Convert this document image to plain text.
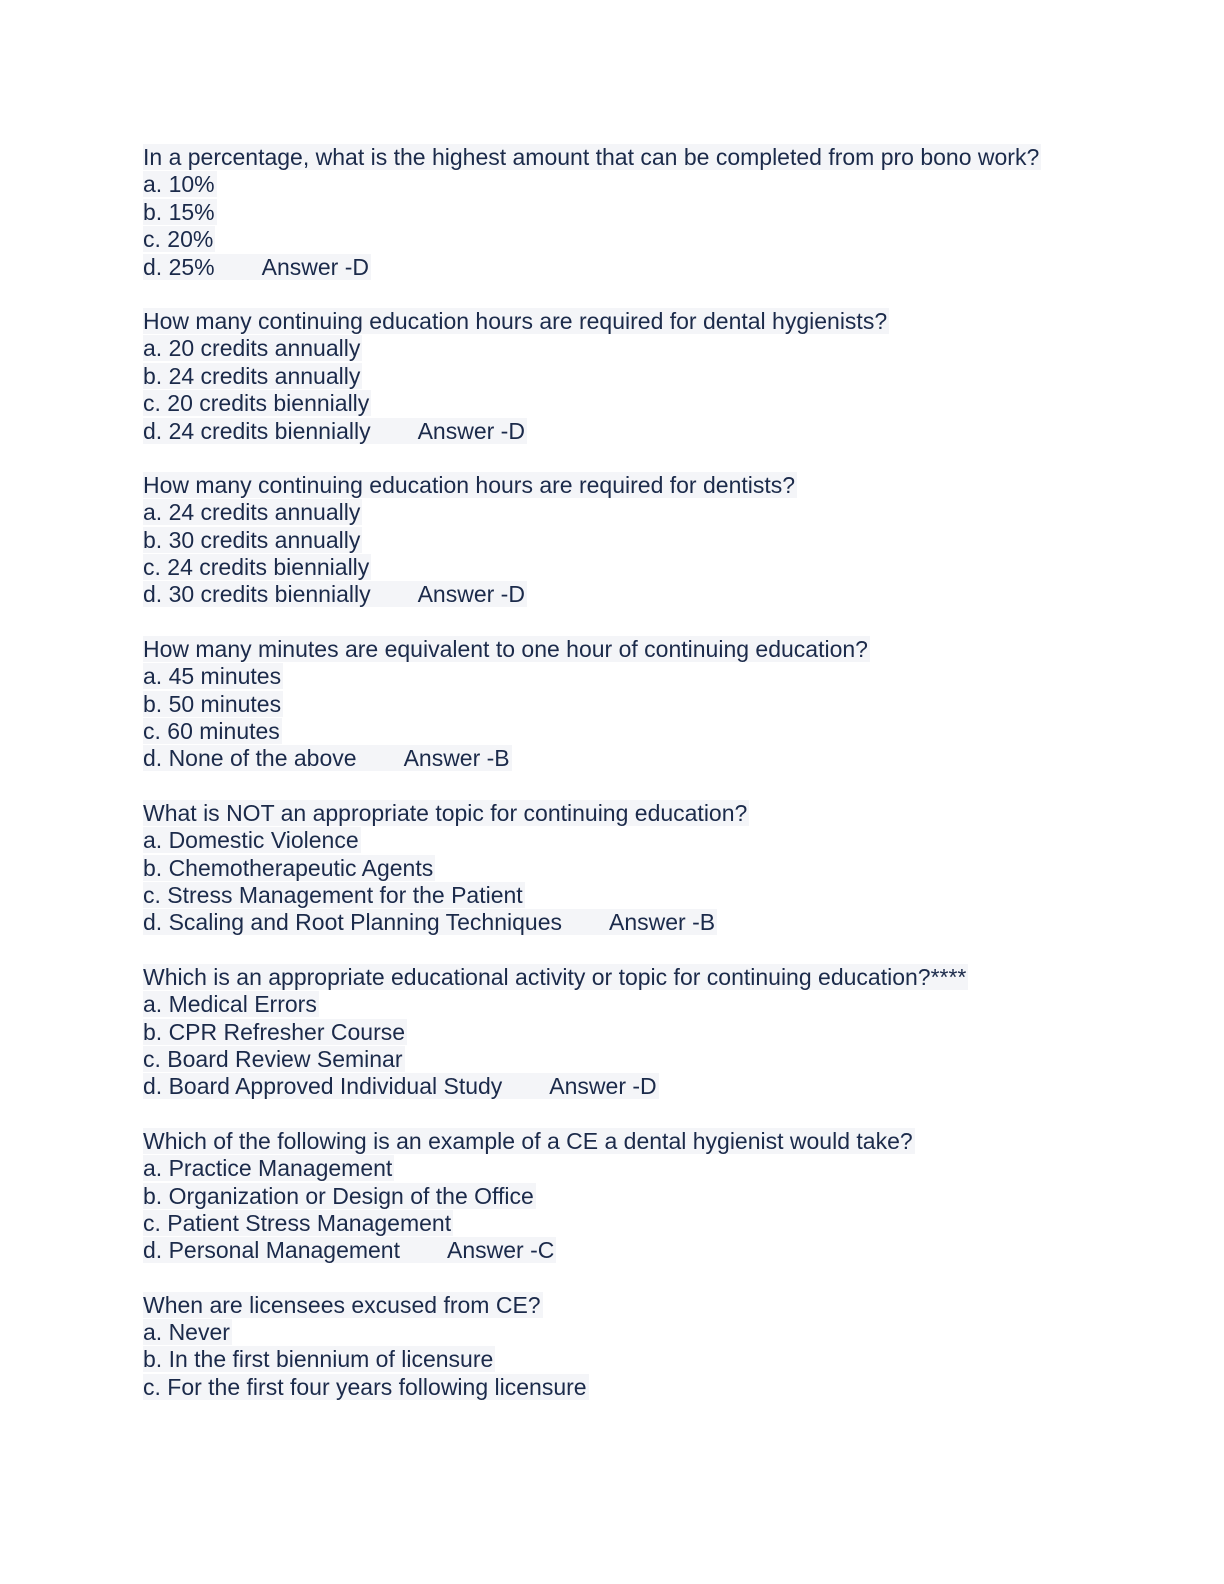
In a percentage, what is the highest amount that can be completed from pro bono work?
a. 10%
b. 15%
c. 20%
d. 25% Answer -D
How many continuing education hours are required for dental hygienists?
a. 20 credits annually
b. 24 credits annually
c. 20 credits biennially
d. 24 credits biennially Answer -D
How many continuing education hours are required for dentists?
a. 24 credits annually
b. 30 credits annually
c. 24 credits biennially
d. 30 credits biennially Answer -D
How many minutes are equivalent to one hour of continuing education?
a. 45 minutes
b. 50 minutes
c. 60 minutes
d. None of the above Answer -B
What is NOT an appropriate topic for continuing education?
a. Domestic Violence
b. Chemotherapeutic Agents
c. Stress Management for the Patient
d. Scaling and Root Planning Techniques Answer -B
Which is an appropriate educational activity or topic for continuing education?****
a. Medical Errors
b. CPR Refresher Course
c. Board Review Seminar
d. Board Approved Individual Study Answer -D
Which of the following is an example of a CE a dental hygienist would take?
a. Practice Management
b. Organization or Design of the Office
c. Patient Stress Management
d. Personal Management Answer -C
When are licensees excused from CE?
a. Never
b. In the first biennium of licensure
c. For the first four years following licensure
